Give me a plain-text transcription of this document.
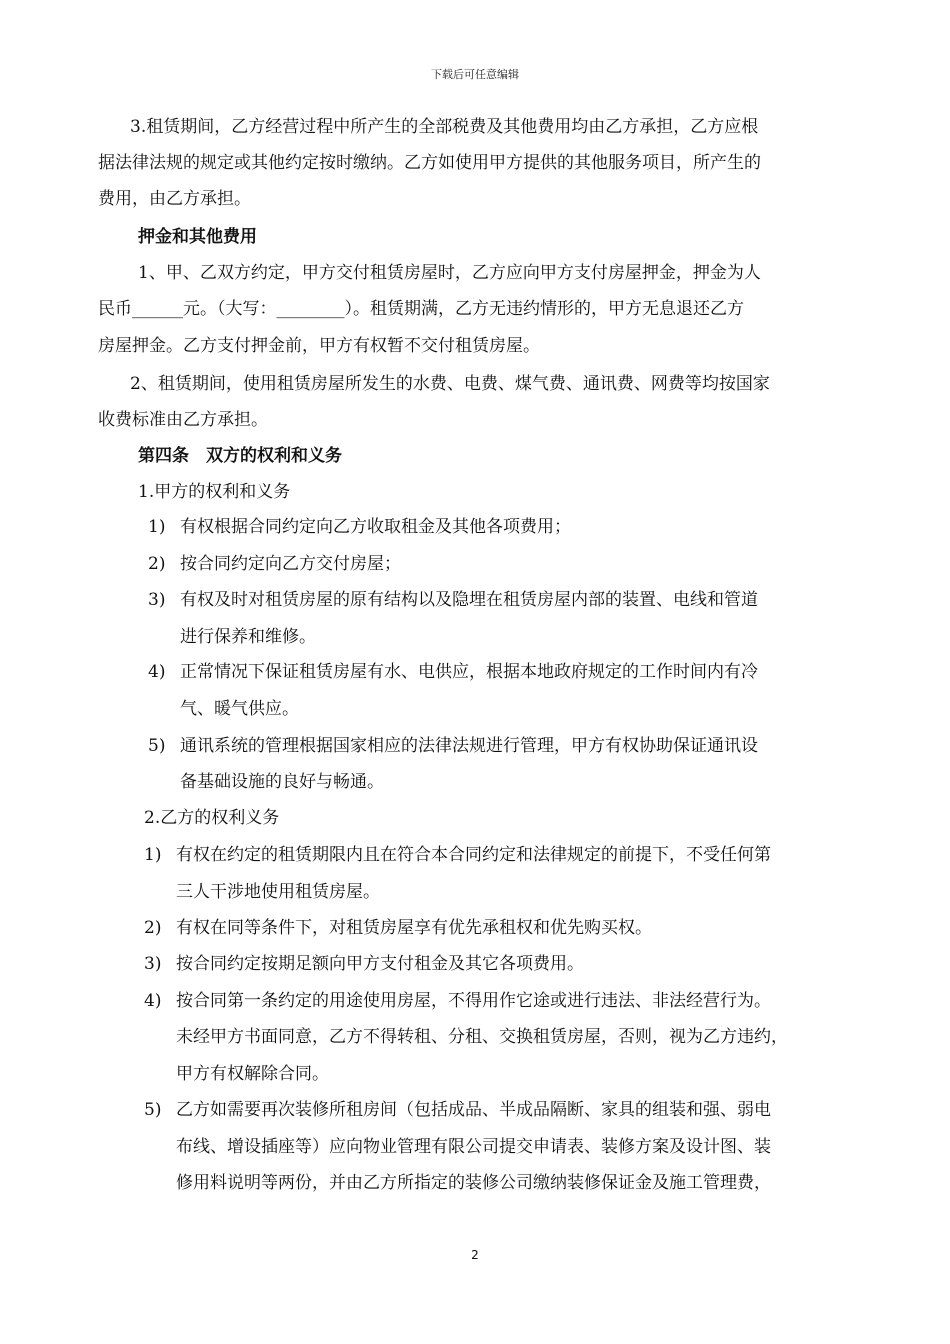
下载后可任意编辑
3.租赁期间，乙方经营过程中所产生的全部税费及其他费用均由乙方承担，乙方应根
据法律法规的规定或其他约定按时缴纳。乙方如使用甲方提供的其他服务项目，所产生的
费用，由乙方承担。
押金和其他费用
1、甲、乙双方约定，甲方交付租赁房屋时，乙方应向甲方支付房屋押金，押金为人
民币______元。（大写：________）。租赁期满，乙方无违约情形的，甲方无息退还乙方
房屋押金。乙方支付押金前，甲方有权暂不交付租赁房屋。
2、租赁期间，使用租赁房屋所发生的水费、电费、煤气费、通讯费、网费等均按国家
收费标准由乙方承担。
第四条　双方的权利和义务
1.甲方的权利和义务
1) 有权根据合同约定向乙方收取租金及其他各项费用；
2) 按合同约定向乙方交付房屋；
3) 有权及时对租赁房屋的原有结构以及隐埋在租赁房屋内部的装置、电线和管道
进行保养和维修。
4) 正常情况下保证租赁房屋有水、电供应，根据本地政府规定的工作时间内有冷
气、暖气供应。
5) 通讯系统的管理根据国家相应的法律法规进行管理，甲方有权协助保证通讯设
备基础设施的良好与畅通。
2.乙方的权利义务
1) 有权在约定的租赁期限内且在符合本合同约定和法律规定的前提下，不受任何第
三人干涉地使用租赁房屋。
2) 有权在同等条件下，对租赁房屋享有优先承租权和优先购买权。
3) 按合同约定按期足额向甲方支付租金及其它各项费用。
4) 按合同第一条约定的用途使用房屋，不得用作它途或进行违法、非法经营行为。
未经甲方书面同意，乙方不得转租、分租、交换租赁房屋，否则，视为乙方违约，
甲方有权解除合同。
5) 乙方如需要再次装修所租房间（包括成品、半成品隔断、家具的组装和强、弱电
布线、增设插座等）应向物业管理有限公司提交申请表、装修方案及设计图、装
修用料说明等两份，并由乙方所指定的装修公司缴纳装修保证金及施工管理费，
2
